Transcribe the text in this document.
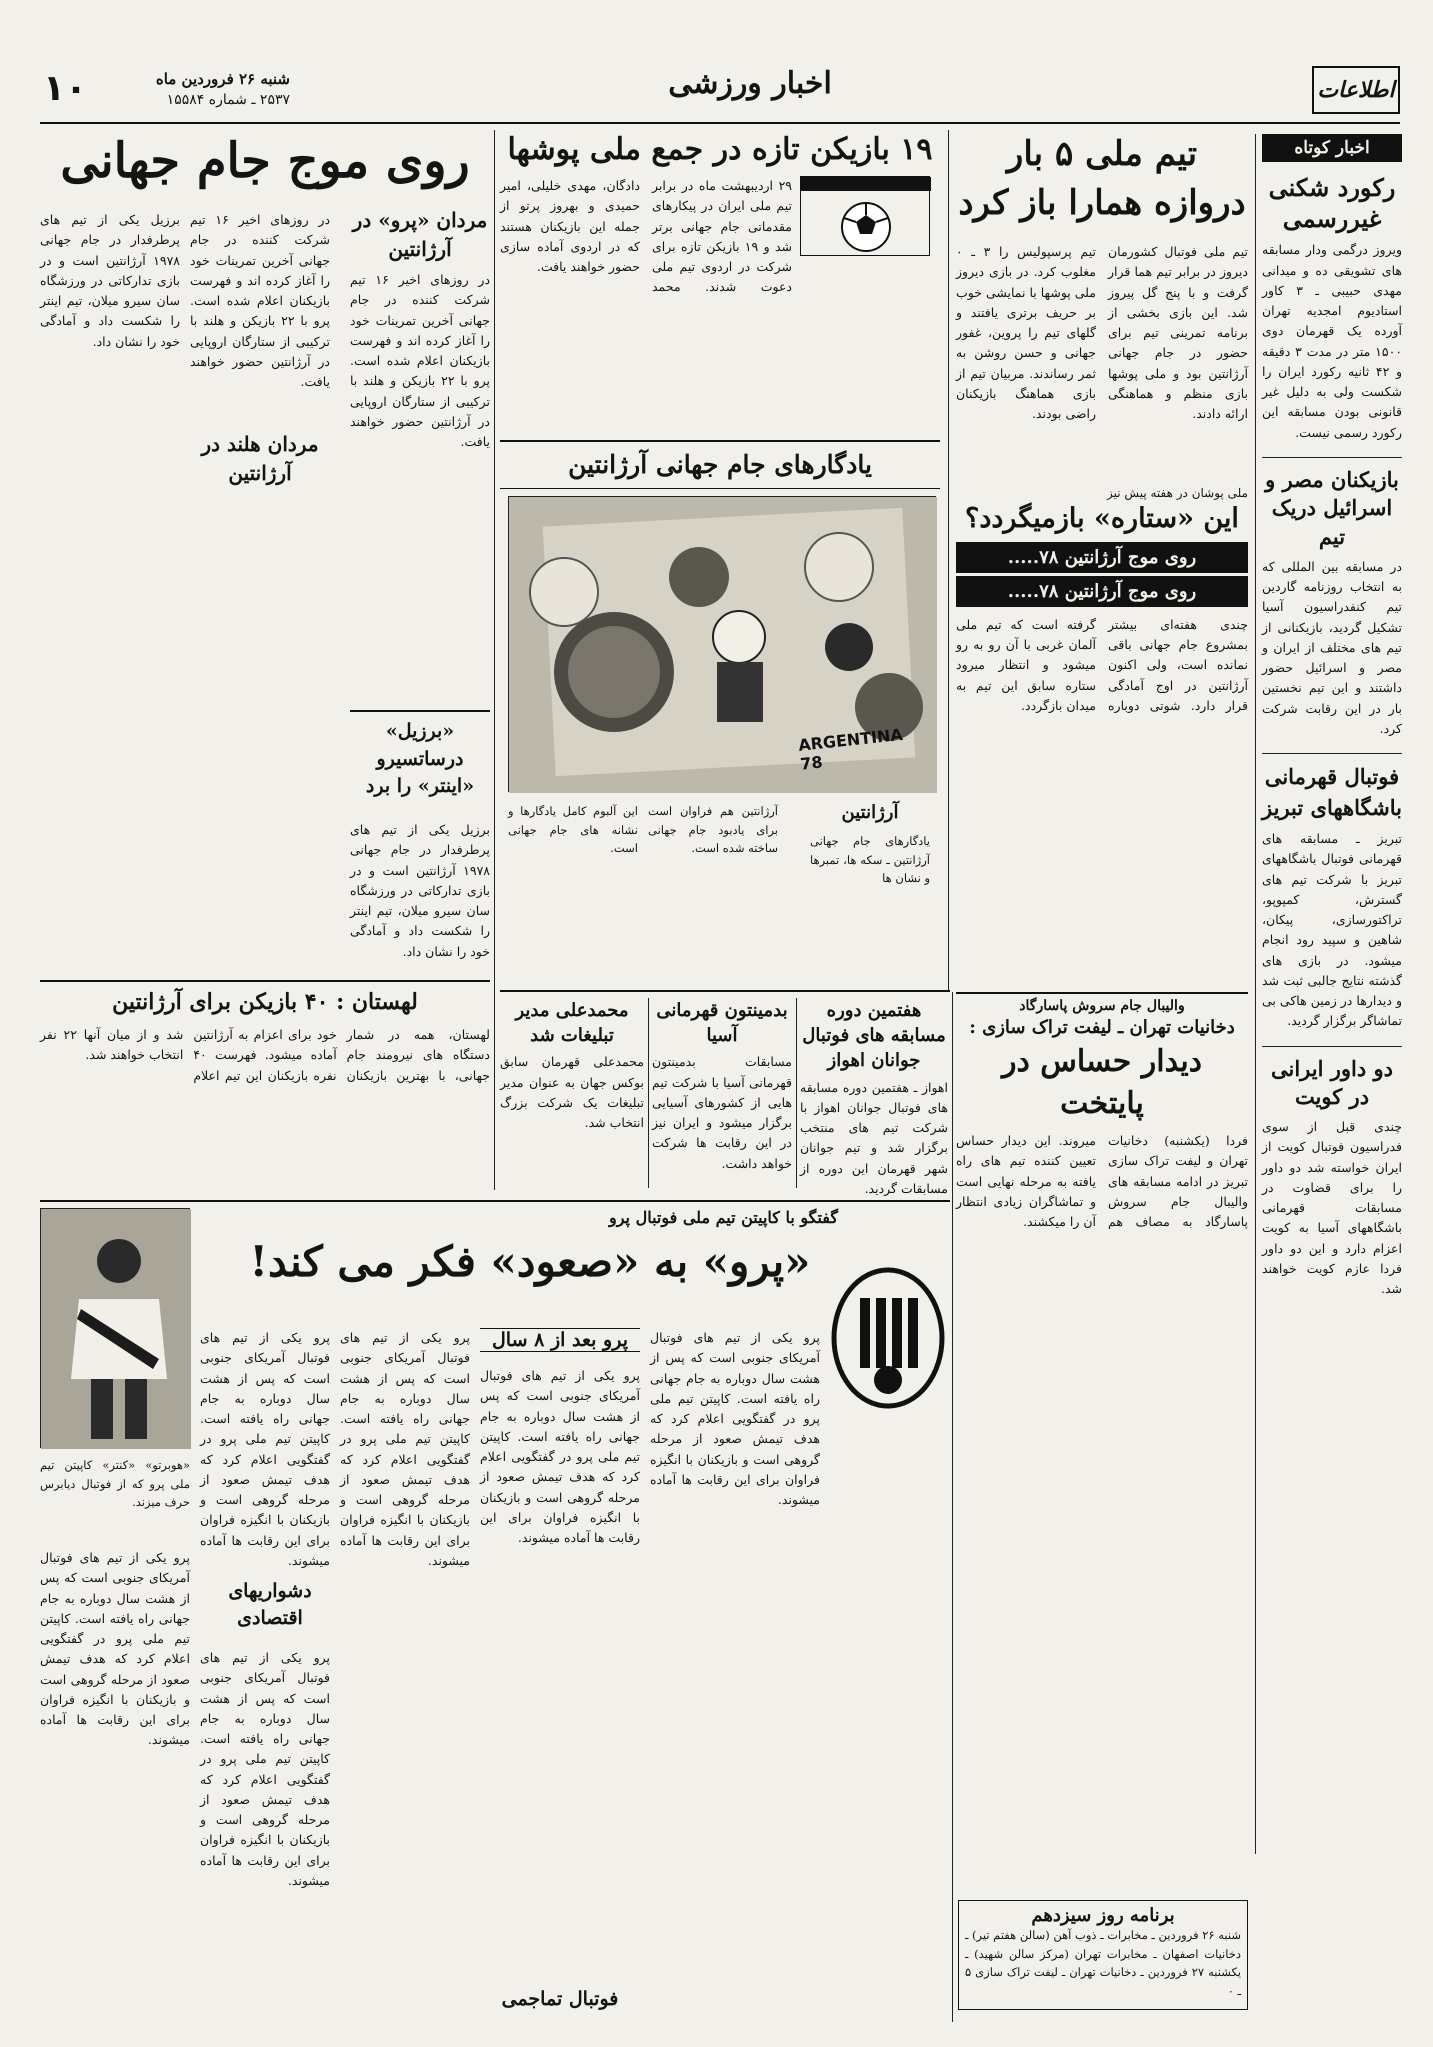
۱۰	شنبه ۲۶ فروردین ماه
۲۵۳۷ ـ شماره ۱۵۵۸۴	اخبار ورزشی	اطلاعات
اخبار کوتاه
رکورد شکنی غیررسمی
ویروز درگمی ودار مسابقه های تشویقی ده و میدانی مهدی حبیبی ـ ۳ کاور استادیوم امجدیه تهران آورده یک قهرمان دوی ۱۵۰۰ متر در مدت ۳ دقیقه و ۴۲ ثانیه رکورد ایران را شکست ولی به دلیل غیر قانونی بودن مسابقه این رکورد رسمی نیست.
بازیکنان مصر و اسرائیل دریک تیم
در مسابقه بین المللی که به انتخاب روزنامه گاردین تیم کنفدراسیون آسیا تشکیل گردید، بازیکنانی از تیم های مختلف از ایران و مصر و اسرائیل حضور داشتند و این تیم نخستین بار در این رقابت شرکت کرد.
فوتبال قهرمانی باشگاههای تبریز
تبریز ـ مسابقه های قهرمانی فوتبال باشگاههای تبریز با شرکت تیم های گسترش، کمپوپو، تراکتورسازی، پیکان، شاهین و سپید رود انجام میشود. در بازی های گذشته نتایج جالبی ثبت شد و دیدارها در زمین هاکی بی تماشاگر برگزار گردید.
دو داور ایرانی در کویت
چندی قبل از سوی فدراسیون فوتبال کویت از ایران خواسته شد دو داور را برای قضاوت در مسابقات قهرمانی باشگاههای آسیا به کویت اعزام دارد و این دو داور فردا عازم کویت خواهند شد.
تیم ملی ۵ بار دروازه همارا باز کرد
تیم ملی فوتبال کشورمان دیروز در برابر تیم هما قرار گرفت و با پنج گل پیروز شد. این بازی بخشی از برنامه تمرینی تیم برای حضور در جام جهانی آرژانتین بود و ملی پوشها بازی منظم و هماهنگی ارائه دادند.
تیم پرسپولیس را ۳ ـ ۰ مغلوب کرد. در بازی دیروز ملی پوشها با نمایشی خوب بر حریف برتری یافتند و گلهای تیم را پروین، غفور جهانی و حسن روشن به ثمر رساندند. مربیان تیم از بازی هماهنگ بازیکنان راضی بودند.
ملی پوشان در هفته پیش نیز
۱۹ بازیکن تازه در جمع ملی پوشها
۲۹ اردیبهشت ماه در برابر تیم ملی ایران در پیکارهای مقدماتی جام جهانی برتر شد و ۱۹ بازیکن تازه برای شرکت در اردوی تیم ملی دعوت شدند. محمد دادگان، مهدی خلیلی، امیر حمیدی و بهروز پرتو از جمله این بازیکنان هستند که در اردوی آماده سازی حضور خواهند یافت.
این «ستاره» بازمیگردد؟
روی موج آرژانتین ۷۸.....
روی موج آرژانتین ۷۸.....
چندی هفته‌ای بیشتر بمشروع جام جهانی باقی نمانده است، ولی اکنون آرژانتین در اوج آمادگی قرار دارد. شوتی دوباره گرفته است که تیم ملی آلمان غربی با آن رو به رو میشود و انتظار میرود ستاره سابق این تیم به میدان بازگردد.
یادگارهای جام جهانی آرژانتین
ARGENTINA 78
آرژانتین
یادگارهای جام جهانی آرژانتین ـ سکه ها، تمبرها و نشان ها
آرژانتین هم فراوان است برای یادبود جام جهانی ساخته شده است.
این آلبوم کامل یادگارها و نشانه های جام جهانی است.
روی موج جام جهانی
مردان «پرو» در آرژانتین
در روزهای اخیر ۱۶ تیم شرکت کننده در جام جهانی آخرین تمرینات خود را آغاز کرده اند و فهرست بازیکنان اعلام شده است. پرو با ۲۲ بازیکن و هلند با ترکیبی از ستارگان اروپایی در آرژانتین حضور خواهند یافت.
مردان هلند در آرژانتین
در روزهای اخیر ۱۶ تیم شرکت کننده در جام جهانی آخرین تمرینات خود را آغاز کرده اند و فهرست بازیکنان اعلام شده است. پرو با ۲۲ بازیکن و هلند با ترکیبی از ستارگان اروپایی در آرژانتین حضور خواهند یافت.
برزیل یکی از تیم های پرطرفدار در جام جهانی ۱۹۷۸ آرژانتین است و در بازی تدارکاتی در ورزشگاه سان سیرو میلان، تیم اینتر را شکست داد و آمادگی خود را نشان داد.
«برزیل» درساتسیرو «اینتر» را برد
برزیل یکی از تیم های پرطرفدار در جام جهانی ۱۹۷۸ آرژانتین است و در بازی تدارکاتی در ورزشگاه سان سیرو میلان، تیم اینتر را شکست داد و آمادگی خود را نشان داد.
لهستان : ۴۰ بازیکن برای آرژانتین
لهستان، همه در شمار دستگاه های نیرومند جام جهانی، با بهترین بازیکنان خود برای اعزام به آرژانتین آماده میشود. فهرست ۴۰ نفره بازیکنان این تیم اعلام شد و از میان آنها ۲۲ نفر انتخاب خواهند شد.
هفتمین دوره مسابقه های فوتبال جوانان اهواز
اهواز ـ هفتمین دوره مسابقه های فوتبال جوانان اهواز با شرکت تیم های منتخب برگزار شد و تیم جوانان شهر قهرمان این دوره از مسابقات گردید.
بدمینتون قهرمانی آسیا
مسابقات بدمینتون قهرمانی آسیا با شرکت تیم هایی از کشورهای آسیایی برگزار میشود و ایران نیز در این رقابت ها شرکت خواهد داشت.
محمدعلی مدیر تبلیغات شد
محمدعلی قهرمان سابق بوکس جهان به عنوان مدیر تبلیغات یک شرکت بزرگ انتخاب شد.
والیبال جام سروش پاسارگاد
دخانیات تهران ـ لیفت تراک سازی :
دیدار حساس در پایتخت
فردا (یکشنبه) دخانیات تهران و لیفت تراک سازی تبریز در ادامه مسابقه های والیبال جام سروش پاسارگاد به مصاف هم میروند. این دیدار حساس تعیین کننده تیم های راه یافته به مرحله نهایی است و تماشاگران زیادی انتظار آن را میکشند.
برنامه روز سیزدهم
شنبه ۲۶ فروردین ـ مخابرات ـ ذوب آهن (سالن هفتم تیر) ـ دخانیات اصفهان ـ مخابرات تهران (مرکز سالن شهید) ـ یکشنبه ۲۷ فروردین ـ دخانیات تهران ـ لیفت تراک سازی ۵ ـ ۰
گفتگو با کاپیتن تیم ملی فوتبال پرو
«پرو» به «صعود» فکر می کند!
«هوبرتو» «کنتر» کاپیتن تیم ملی پرو که از فوتبال دیابرس حرف میزند.
پرو بعد از ۸ سال
دشواریهای اقتصادی
فوتبال تماجمی
پرو یکی از تیم های فوتبال آمریکای جنوبی است که پس از هشت سال دوباره به جام جهانی راه یافته است. کاپیتن تیم ملی پرو در گفتگویی اعلام کرد که هدف تیمش صعود از مرحله گروهی است و بازیکنان با انگیزه فراوان برای این رقابت ها آماده میشوند.
پرو یکی از تیم های فوتبال آمریکای جنوبی است که پس از هشت سال دوباره به جام جهانی راه یافته است. کاپیتن تیم ملی پرو در گفتگویی اعلام کرد که هدف تیمش صعود از مرحله گروهی است و بازیکنان با انگیزه فراوان برای این رقابت ها آماده میشوند.
پرو یکی از تیم های فوتبال آمریکای جنوبی است که پس از هشت سال دوباره به جام جهانی راه یافته است. کاپیتن تیم ملی پرو در گفتگویی اعلام کرد که هدف تیمش صعود از مرحله گروهی است و بازیکنان با انگیزه فراوان برای این رقابت ها آماده میشوند.
پرو یکی از تیم های فوتبال آمریکای جنوبی است که پس از هشت سال دوباره به جام جهانی راه یافته است. کاپیتن تیم ملی پرو در گفتگویی اعلام کرد که هدف تیمش صعود از مرحله گروهی است و بازیکنان با انگیزه فراوان برای این رقابت ها آماده میشوند.
پرو یکی از تیم های فوتبال آمریکای جنوبی است که پس از هشت سال دوباره به جام جهانی راه یافته است. کاپیتن تیم ملی پرو در گفتگویی اعلام کرد که هدف تیمش صعود از مرحله گروهی است و بازیکنان با انگیزه فراوان برای این رقابت ها آماده میشوند.
پرو یکی از تیم های فوتبال آمریکای جنوبی است که پس از هشت سال دوباره به جام جهانی راه یافته است. کاپیتن تیم ملی پرو در گفتگویی اعلام کرد که هدف تیمش صعود از مرحله گروهی است و بازیکنان با انگیزه فراوان برای این رقابت ها آماده میشوند.
